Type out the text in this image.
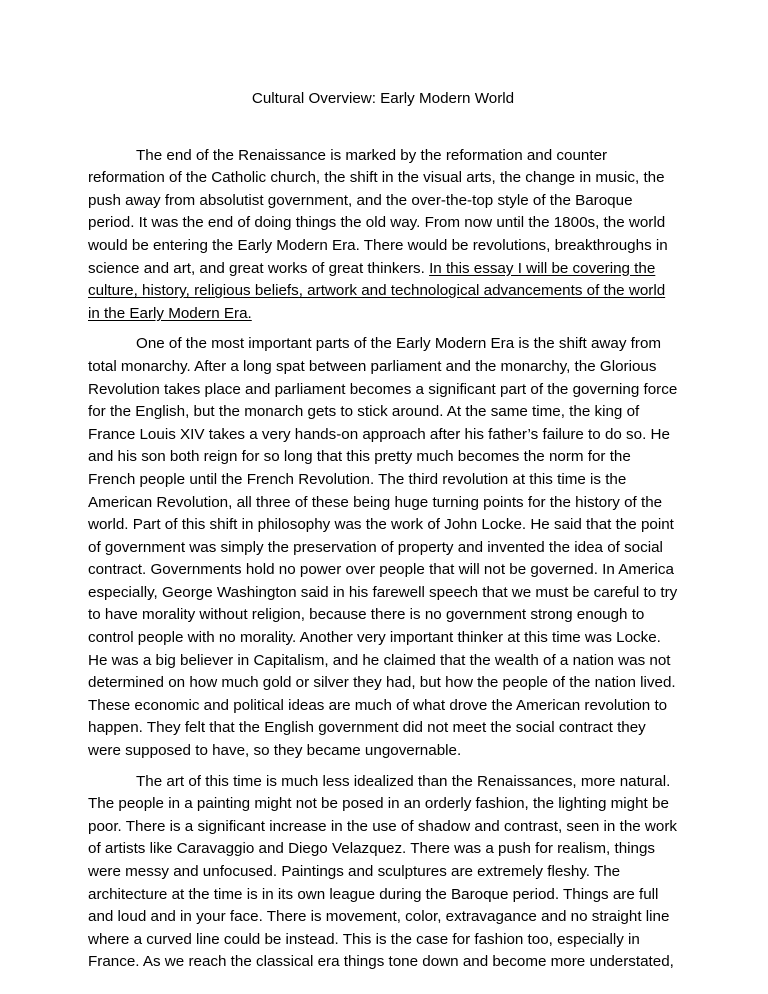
Cultural Overview: Early Modern World

The end of the Renaissance is marked by the reformation and counter reformation of the Catholic church, the shift in the visual arts, the change in music, the push away from absolutist government, and the over-the-top style of the Baroque period. It was the end of doing things the old way. From now until the 1800s, the world would be entering the Early Modern Era. There would be revolutions, breakthroughs in science and art, and great works of great thinkers. In this essay I will be covering the culture, history, religious beliefs, artwork and technological advancements of the world in the Early Modern Era.

One of the most important parts of the Early Modern Era is the shift away from total monarchy. After a long spat between parliament and the monarchy, the Glorious Revolution takes place and parliament becomes a significant part of the governing force for the English, but the monarch gets to stick around. At the same time, the king of France Louis XIV takes a very hands-on approach after his father’s failure to do so. He and his son both reign for so long that this pretty much becomes the norm for the French people until the French Revolution. The third revolution at this time is the American Revolution, all three of these being huge turning points for the history of the world. Part of this shift in philosophy was the work of John Locke. He said that the point of government was simply the preservation of property and invented the idea of social contract. Governments hold no power over people that will not be governed. In America especially, George Washington said in his farewell speech that we must be careful to try to have morality without religion, because there is no government strong enough to control people with no morality. Another very important thinker at this time was Locke. He was a big believer in Capitalism, and he claimed that the wealth of a nation was not determined on how much gold or silver they had, but how the people of the nation lived. These economic and political ideas are much of what drove the American revolution to happen. They felt that the English government did not meet the social contract they were supposed to have, so they became ungovernable.

The art of this time is much less idealized than the Renaissances, more natural. The people in a painting might not be posed in an orderly fashion, the lighting might be poor. There is a significant increase in the use of shadow and contrast, seen in the work of artists like Caravaggio and Diego Velazquez. There was a push for realism, things were messy and unfocused. Paintings and sculptures are extremely fleshy. The architecture at the time is in its own league during the Baroque period. Things are full and loud and in your face. There is movement, color, extravagance and no straight line where a curved line could be instead. This is the case for fashion too, especially in France. As we reach the classical era things tone down and become more understated,
